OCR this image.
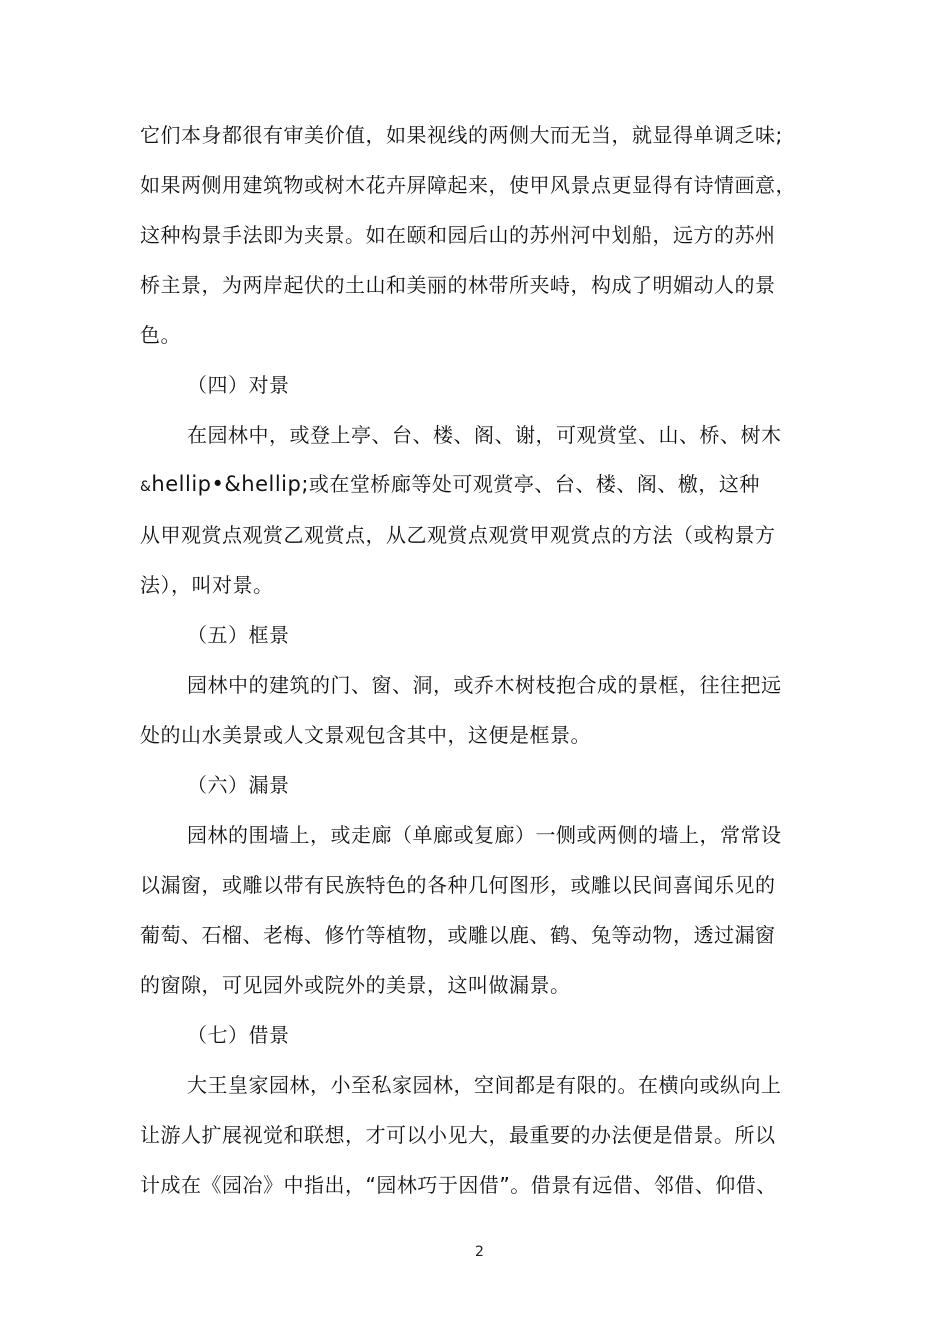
它们本身都很有审美价值，如果视线的两侧大而无当，就显得单调乏味;
如果两侧用建筑物或树木花卉屏障起来，使甲风景点更显得有诗情画意，
这种构景手法即为夹景。如在颐和园后山的苏州河中划船，远方的苏州
桥主景，为两岸起伏的土山和美丽的林带所夹峙，构成了明媚动人的景
色。
（四）对景
在园林中，或登上亭、台、楼、阁、谢，可观赏堂、山、桥、树木
&hellip•&hellip;或在堂桥廊等处可观赏亭、台、楼、阁、檄，这种
从甲观赏点观赏乙观赏点，从乙观赏点观赏甲观赏点的方法（或构景方
法），叫对景。
（五）框景
园林中的建筑的门、窗、洞，或乔木树枝抱合成的景框，往往把远
处的山水美景或人文景观包含其中，这便是框景。
（六）漏景
园林的围墙上，或走廊（单廊或复廊）一侧或两侧的墙上，常常设
以漏窗，或雕以带有民族特色的各种几何图形，或雕以民间喜闻乐见的
葡萄、石榴、老梅、修竹等植物，或雕以鹿、鹤、兔等动物，透过漏窗
的窗隙，可见园外或院外的美景，这叫做漏景。
（七）借景
大王皇家园林，小至私家园林，空间都是有限的。在横向或纵向上
让游人扩展视觉和联想，才可以小见大，最重要的办法便是借景。所以
计成在《园冶》中指出，“园林巧于因借”。借景有远借、邻借、仰借、
2
